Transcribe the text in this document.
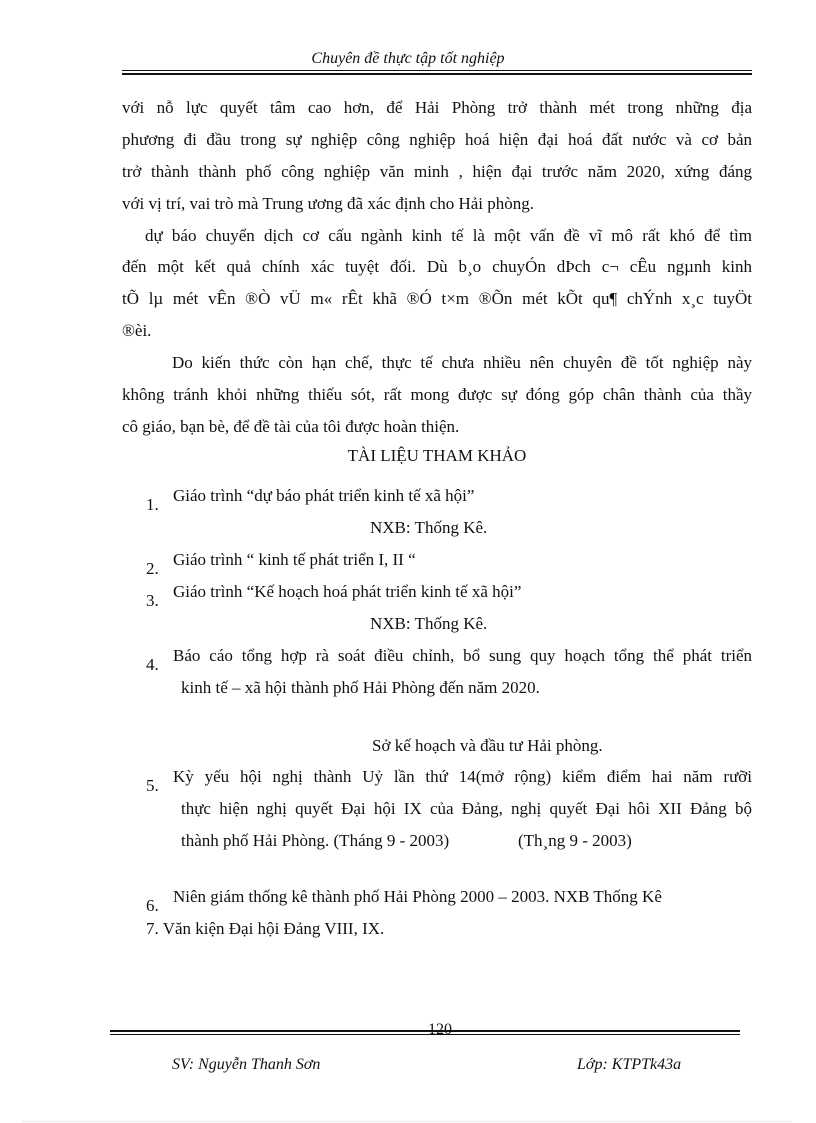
Chuyên đề thực tập tốt nghiệp
với nỗ lực quyết tâm cao hơn, để Hải Phòng trở thành mét trong những địa
phương đi đầu trong sự nghiệp công nghiệp hoá hiện đại hoá đất nước và cơ bản
trở thành thành phố công nghiệp văn minh , hiện đại trước năm 2020, xứng đáng
với vị trí, vai trò mà Trung ương đã xác định cho Hải phòng.
dự báo chuyển dịch cơ cấu ngành kinh tế là một vấn đề vĩ mô rất khó để tìm
đến một kết quả chính xác tuyệt đối. Dù b¸o chuyÓn dÞch c¬ cÊu ngµnh kinh
tÕ lµ mét vÊn ®Ò vÜ m« rÊt khã ®Ó t×m ®Õn mét kÕt qu¶ chÝnh x¸c tuyÖt
®èi.
Do kiến thức còn hạn chế, thực tế chưa nhiều nên chuyên đề tốt nghiệp này
không tránh khỏi những thiếu sót, rất mong được sự đóng góp chân thành của thầy
cô giáo, bạn bè, để đề tài của tôi được hoàn thiện.
TÀI LIỆU THAM KHẢO
1. Giáo trình “dự báo phát triển kinh tế xã hội”
NXB: Thống Kê.
2. Giáo trình “ kinh tế phát triển I, II “
3. Giáo trình “Kế hoạch hoá phát triển kinh tế xã hội”
NXB: Thống Kê.
4. Báo cáo tổng hợp rà soát điều chỉnh, bổ sung quy hoạch tổng thể phát triển
kinh tế – xã hội thành phố Hải Phòng đến năm 2020.
Sở kế hoạch và đầu tư Hải phòng.
5. Kỳ yếu hội nghị thành Uỷ lần thứ 14(mở rộng) kiểm điểm hai năm rưỡi
thực hiện nghị quyết Đại hội IX của Đảng, nghị quyết Đại hôi XII Đảng bộ
thành phố Hải Phòng. (Tháng 9 - 2003)	(Th¸ng 9 - 2003)
6. Niên giám thống kê thành phố Hải Phòng 2000 – 2003. NXB Thống Kê
7. Văn kiện Đại hội Đảng VIII, IX.
120
SV: Nguyễn Thanh Sơn	Lớp: KTPTk43a
